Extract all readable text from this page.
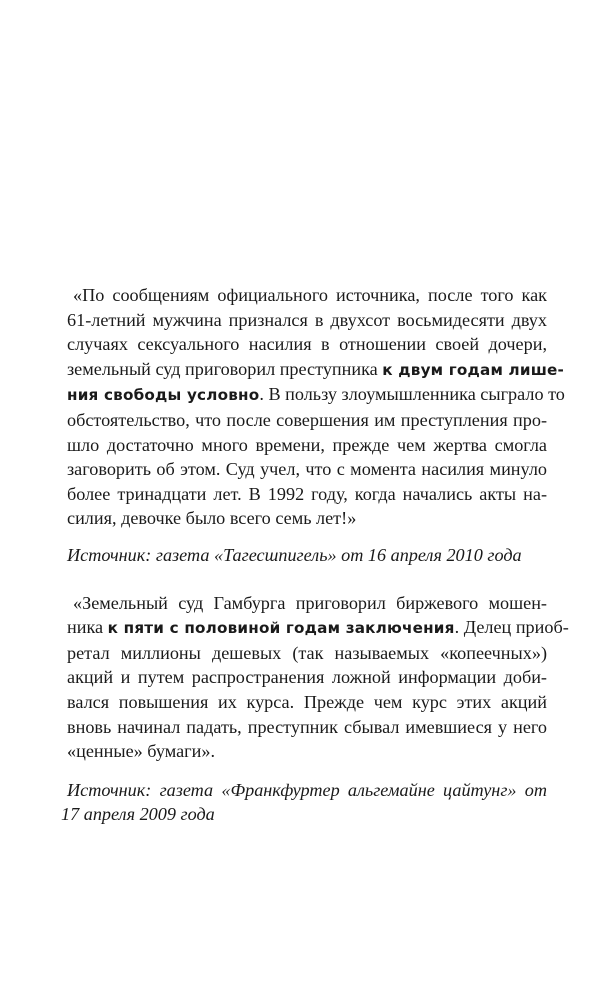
«По сообщениям официального источника, после того как
61-летний мужчина признался в двухсот восьмидесяти двух
случаях сексуального насилия в отношении своей дочери,
земельный суд приговорил преступника к двум годам лише-
ния свободы условно. В пользу злоумышленника сыграло то
обстоятельство, что после совершения им преступления про-
шло достаточно много времени, прежде чем жертва смогла
заговорить об этом. Суд учел, что с момента насилия минуло
более тринадцати лет. В 1992 году, когда начались акты на-
силия, девочке было всего семь лет!»

Источник: газета «Тагесшпигель» от 16 апреля 2010 года

«Земельный суд Гамбурга приговорил биржевого мошен-
ника к пяти с половиной годам заключения. Делец приоб-
ретал миллионы дешевых (так называемых «копеечных»)
акций и путем распространения ложной информации доби-
вался повышения их курса. Прежде чем курс этих акций
вновь начинал падать, преступник сбывал имевшиеся у него
«ценные» бумаги».

Источник: газета «Франкфуртер альгемайне цайтунг» от
17 апреля 2009 года
